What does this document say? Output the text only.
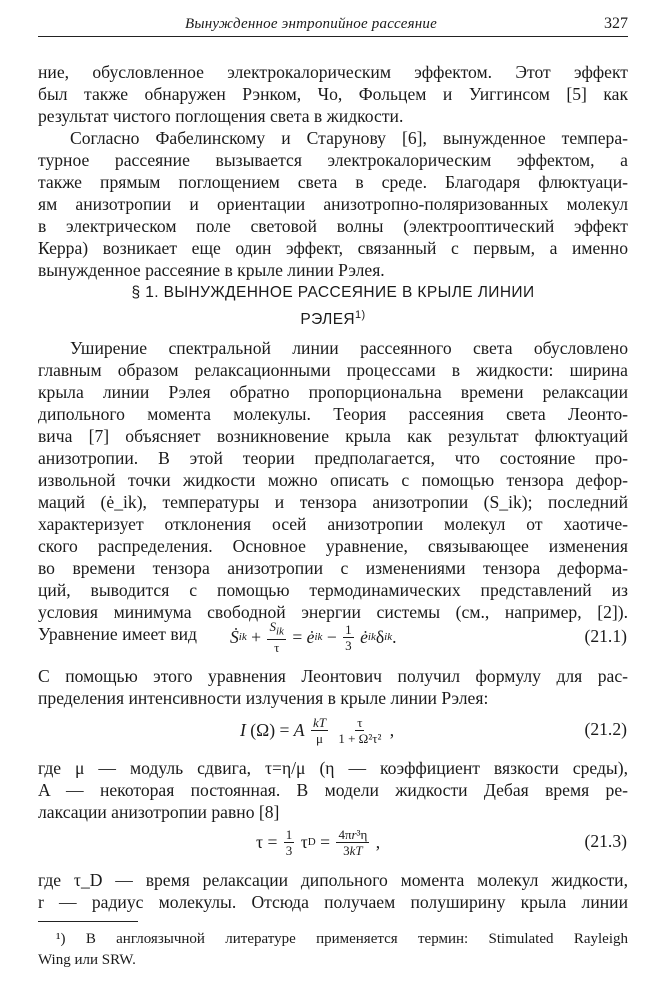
Вынужденное энтропийное рассеяние	327
ние, обусловленное электрокалорическим эффектом. Этот эффект
был также обнаружен Рэнком, Чо, Фольцем и Уиггинсом [5] как
результат чистого поглощения света в жидкости.
Согласно Фабелинскому и Старунову [6], вынужденное темпера-
турное рассеяние вызывается электрокалорическим эффектом, а
также прямым поглощением света в среде. Благодаря флюктуаци-
ям анизотропии и ориентации анизотропно-поляризованных молекул
в электрическом поле световой волны (электрооптический эффект
Керра) возникает еще один эффект, связанный с первым, а именно
вынужденное рассеяние в крыле линии Рэлея.
§ 1. ВЫНУЖДЕННОЕ РАССЕЯНИЕ В КРЫЛЕ ЛИНИИ
РЭЛЕЯ$^{1)}$
Уширение спектральной линии рассеянного света обусловлено
главным образом релаксационными процессами в жидкости: ширина
крыла линии Рэлея обратно пропорциональна времени релаксации
дипольного момента молекулы. Теория рассеяния света Леонто-
вича [7] объясняет возникновение крыла как результат флюктуаций
анизотропии. В этой теории предполагается, что состояние про-
извольной точки жидкости можно описать с помощью тензора дефор-
маций (ė_ik), температуры и тензора анизотропии (S_ik); последний
характеризует отклонения осей анизотропии молекул от хаотиче-
ского распределения. Основное уравнение, связывающее изменения
во времени тензора анизотропии с изменениями тензора деформа-
ций, выводится с помощью термодинамических представлений из
условия минимума свободной энергии системы (см., например, [2]).
Уравнение имеет вид	Ṡ ik + $\frac{S_{ik}}{\tau}$ = ė ik − $\frac{1}{3}$
ė ik δ ik .	(21.1)
С помощью этого уравнения Леонтович получил формулу для рас-
пределения интенсивности излучения в крыле линии Рэлея:
I (Ω) = A
$\frac{kT}{\mu}$
$\frac{\tau}{\text{1 + Ω²τ²}}$ ,	(21.2)
где μ — модуль сдвига, τ=η/μ (η — коэффициент вязкости среды),
A — некоторая постоянная. В модели жидкости Дебая время ре-
лаксации анизотропии равно [8]
$\tau = \frac{1}{3}$ τ $D = \frac{\text{4πr³η}}{3kT}$ ,	(21.3)
где τ_D — время релаксации дипольного момента молекул жидкости,
r — радиус молекулы. Отсюда получаем полуширину крыла линии
¹) В англоязычной литературе применяется термин: Stimulated Rayleigh
Wing или SRW.
